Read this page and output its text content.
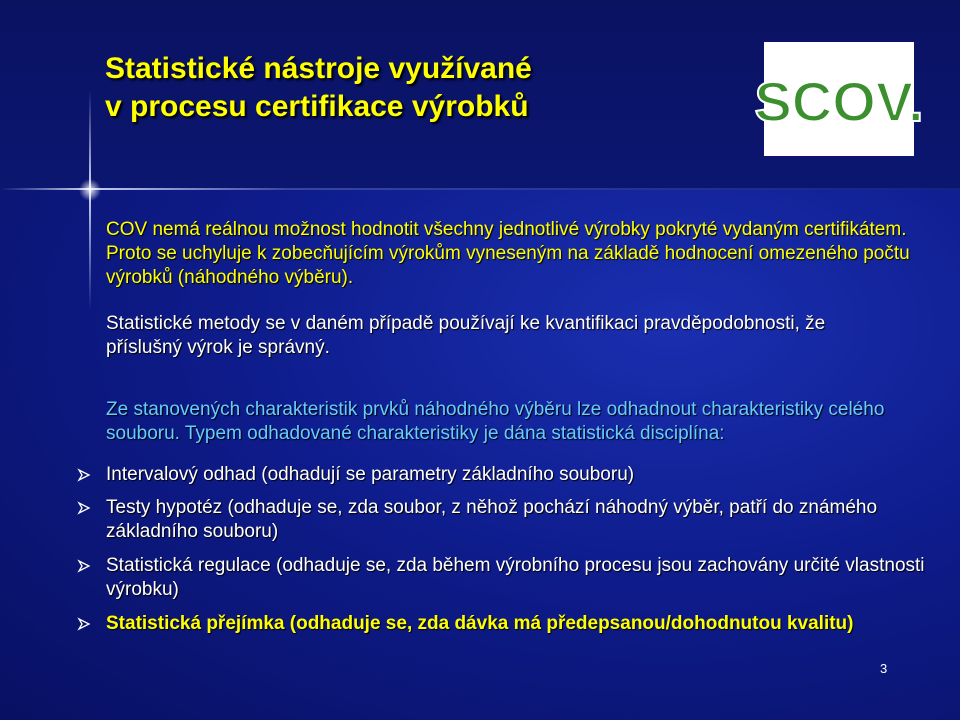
Statistické nástroje využívané
v procesu certifikace výrobků	SCOV.

COV nemá reálnou možnost hodnotit všechny jednotlivé výrobky pokryté vydaným certifikátem. Proto se uchyluje k zobecňujícím výrokům vyneseným na základě hodnocení omezeného počtu výrobků (náhodného výběru).

Statistické metody se v daném případě používají ke kvantifikaci pravděpodobnosti, že příslušný výrok je správný.

Ze stanovených charakteristik prvků náhodného výběru lze odhadnout charakteristiky celého souboru. Typem odhadované charakteristiky je dána statistická disciplína:

Intervalový odhad (odhadují se parametry základního souboru)
Testy hypotéz (odhaduje se, zda soubor, z něhož pochází náhodný výběr, patří do známého základního souboru)
Statistická regulace (odhaduje se, zda během výrobního procesu jsou zachovány určité vlastnosti výrobku)
Statistická přejímka (odhaduje se, zda dávka má předepsanou/dohodnutou kvalitu)
3
